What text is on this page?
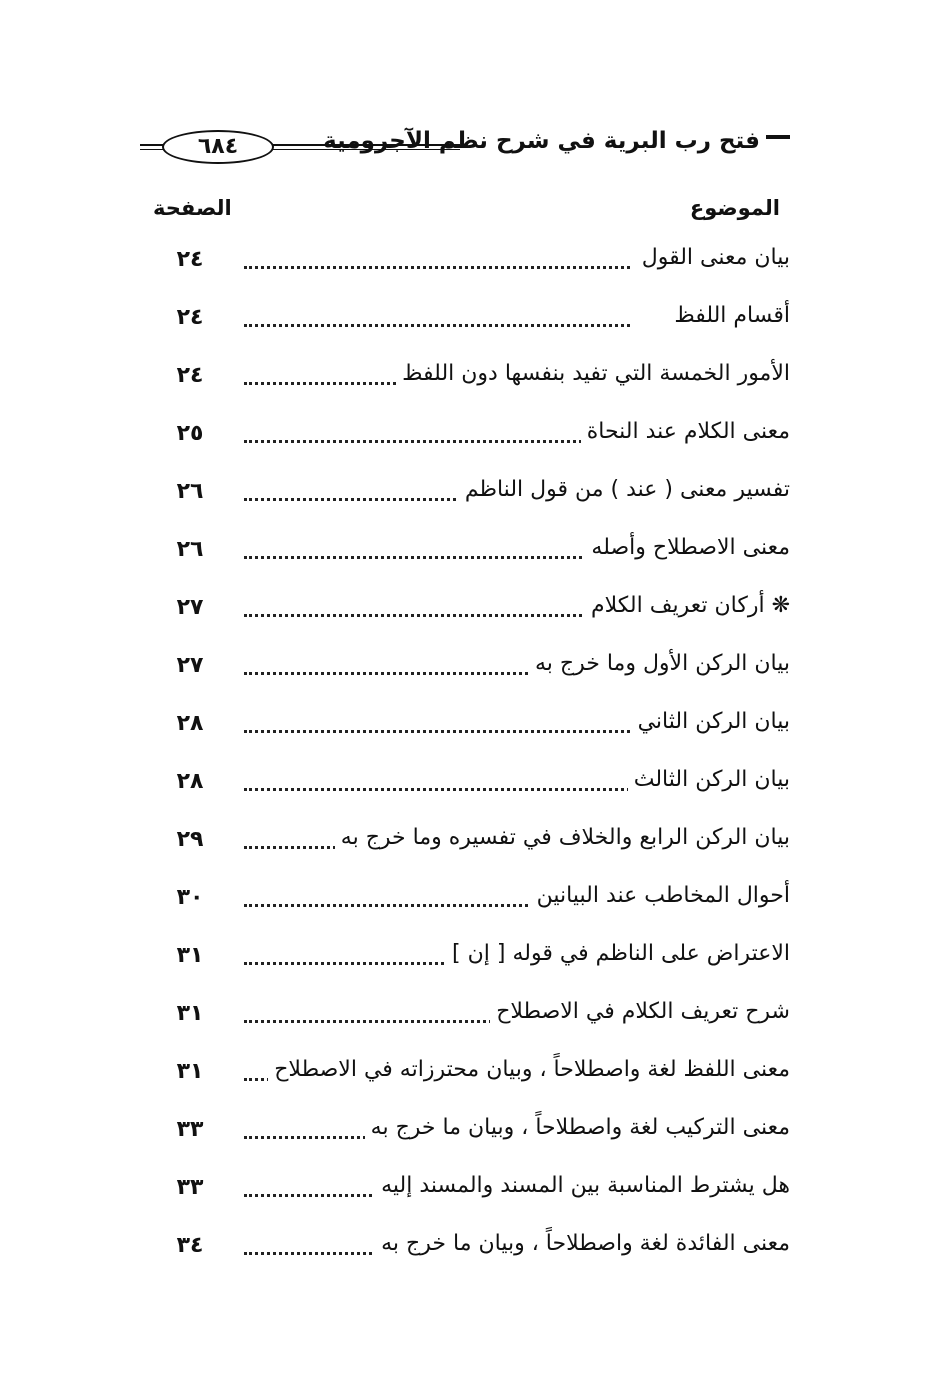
فتح رب البرية في شرح نظم الآجرومية
٦٨٤
الموضوع
الصفحة
بيان معنى القول
٢٤
أقسام اللفظ
٢٤
الأمور الخمسة التي تفيد بنفسها دون اللفظ
٢٤
معنى الكلام عند النحاة
٢٥
تفسير معنى ( عند ) من قول الناظم
٢٦
معنى الاصطلاح وأصله
٢٦
❋ أركان تعريف الكلام
٢٧
بيان الركن الأول وما خرج به
٢٧
بيان الركن الثاني
٢٨
بيان الركن الثالث
٢٨
بيان الركن الرابع والخلاف في تفسيره وما خرج به
٢٩
أحوال المخاطب عند البيانين
٣٠
الاعتراض على الناظم في قوله [ إن ]
٣١
شرح تعريف الكلام في الاصطلاح
٣١
معنى اللفظ لغة واصطلاحاً ، وبيان محترزاته في الاصطلاح
٣١
معنى التركيب لغة واصطلاحاً ، وبيان ما خرج به
٣٣
هل يشترط المناسبة بين المسند والمسند إليه
٣٣
معنى الفائدة لغة واصطلاحاً ، وبيان ما خرج به
٣٤
